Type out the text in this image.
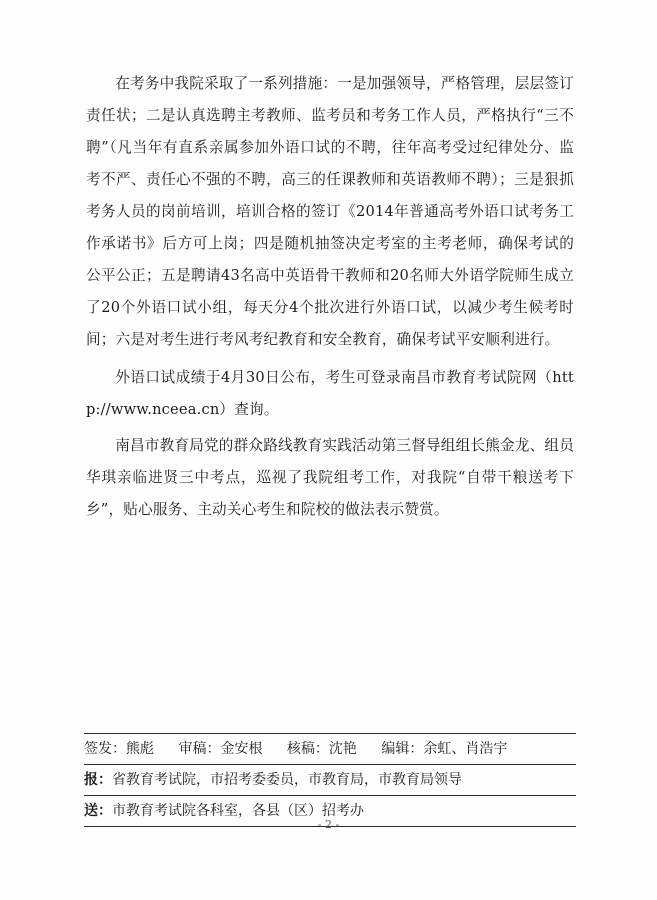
在考务中我院采取了一系列措施：一是加强领导，严格管理，层层签订责任状；二是认真选聘主考教师、监考员和考务工作人员，严格执行“三不聘”（凡当年有直系亲属参加外语口试的不聘，往年高考受过纪律处分、监考不严、责任心不强的不聘，高三的任课教师和英语教师不聘）；三是狠抓考务人员的岗前培训，培训合格的签订《2014年普通高考外语口试考务工作承诺书》后方可上岗；四是随机抽签决定考室的主考老师，确保考试的公平公正；五是聘请43名高中英语骨干教师和20名师大外语学院师生成立了20个外语口试小组，每天分4个批次进行外语口试，以减少考生候考时间；六是对考生进行考风考纪教育和安全教育，确保考试平安顺利进行。

外语口试成绩于4月30日公布，考生可登录南昌市教育考试院网（http://www.nceea.cn）查询。

南昌市教育局党的群众路线教育实践活动第三督导组组长熊金龙、组员华琪亲临进贤三中考点，巡视了我院组考工作，对我院“自带干粮送考下乡”，贴心服务、主动关心考生和院校的做法表示赞赏。

签发：熊彪 审稿：金安根 核稿：沈艳 编辑：余虹、肖浩宇
报：省教育考试院，市招考委委员，市教育局，市教育局领导
送：市教育考试院各科室，各县（区）招考办
- 2 -
